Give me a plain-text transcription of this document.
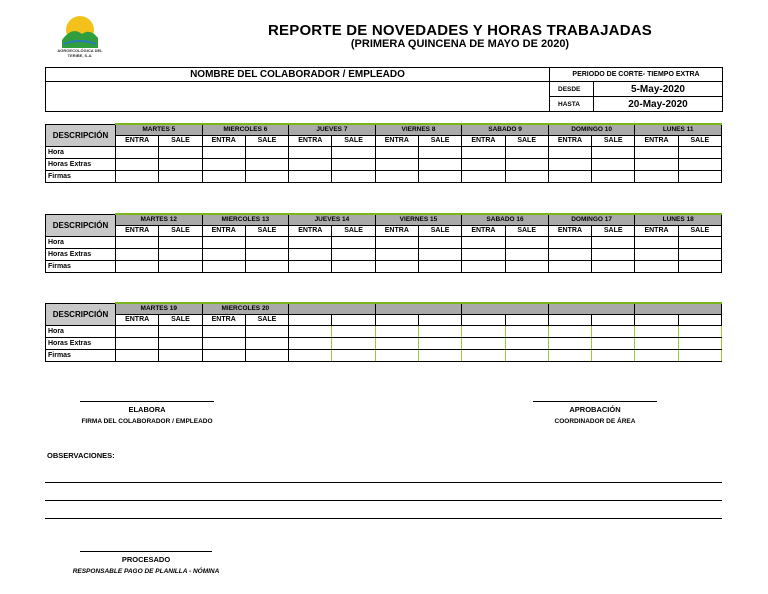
AGROECOLÓGICA DEL TERIBE, S.A.
REPORTE DE NOVEDADES Y HORAS TRABAJADAS
(PRIMERA QUINCENA DE MAYO DE 2020)
NOMBRE DEL COLABORADOR / EMPLEADO	PERIODO DE CORTE- TIEMPO EXTRA	
	DESDE	5-May-2020
	HASTA	20-May-2020
DESCRIPCIÓN	MARTES 5		MIERCOLES 6		JUEVES 7		VIERNES 8		SABADO 9		DOMINGO 10		LUNES 11	
	ENTRA	SALE	ENTRA	SALE	ENTRA	SALE	ENTRA	SALE	ENTRA	SALE	ENTRA	SALE	ENTRA	SALE
Hora														
Horas Extras														
Firmas														
DESCRIPCIÓN	MARTES 12		MIERCOLES 13		JUEVES 14		VIERNES 15		SABADO 16		DOMINGO 17		LUNES 18	
	ENTRA	SALE	ENTRA	SALE	ENTRA	SALE	ENTRA	SALE	ENTRA	SALE	ENTRA	SALE	ENTRA	SALE
Hora														
Horas Extras														
Firmas														
DESCRIPCIÓN	MARTES 19		MIERCOLES 20											
	ENTRA	SALE	ENTRA	SALE										
Hora														
Horas Extras														
Firmas														
ELABORA
FIRMA DEL COLABORADOR / EMPLEADO
APROBACIÓN
COORDINADOR DE ÁREA
OBSERVACIONES:
PROCESADO
RESPONSABLE PAGO DE PLANILLA - NÓMINA
